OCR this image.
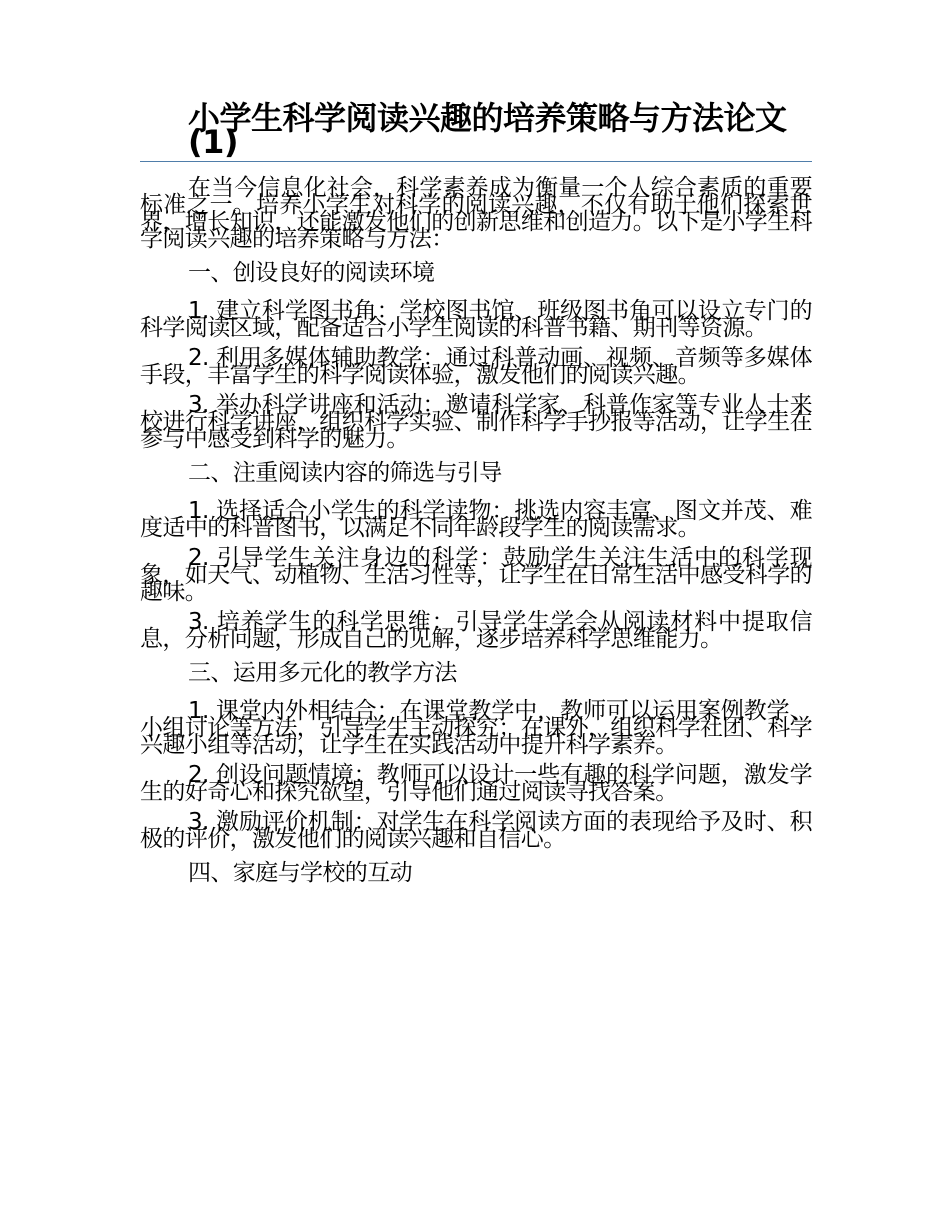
小学生科学阅读兴趣的培养策略与方法论文(1)

在当今信息化社会，科学素养成为衡量一个人综合素质的重要标准之一。培养小学生对科学的阅读兴趣，不仅有助于他们探索世界，增长知识，还能激发他们的创新思维和创造力。以下是小学生科学阅读兴趣的培养策略与方法：

一、创设良好的阅读环境

1. 建立科学图书角：学校图书馆、班级图书角可以设立专门的科学阅读区域，配备适合小学生阅读的科普书籍、期刊等资源。

2. 利用多媒体辅助教学：通过科普动画、视频、音频等多媒体手段，丰富学生的科学阅读体验，激发他们的阅读兴趣。

3. 举办科学讲座和活动：邀请科学家、科普作家等专业人士来校进行科学讲座，组织科学实验、制作科学手抄报等活动，让学生在参与中感受到科学的魅力。

二、注重阅读内容的筛选与引导

1. 选择适合小学生的科学读物：挑选内容丰富、图文并茂、难度适中的科普图书，以满足不同年龄段学生的阅读需求。

2. 引导学生关注身边的科学：鼓励学生关注生活中的科学现象，如天气、动植物、生活习性等，让学生在日常生活中感受科学的趣味。

3. 培养学生的科学思维：引导学生学会从阅读材料中提取信息，分析问题，形成自己的见解，逐步培养科学思维能力。

三、运用多元化的教学方法

1. 课堂内外相结合：在课堂教学中，教师可以运用案例教学、小组讨论等方法，引导学生主动探究；在课外，组织科学社团、科学兴趣小组等活动，让学生在实践活动中提升科学素养。

2. 创设问题情境：教师可以设计一些有趣的科学问题，激发学生的好奇心和探究欲望，引导他们通过阅读寻找答案。

3. 激励评价机制：对学生在科学阅读方面的表现给予及时、积极的评价，激发他们的阅读兴趣和自信心。

四、家庭与学校的互动
